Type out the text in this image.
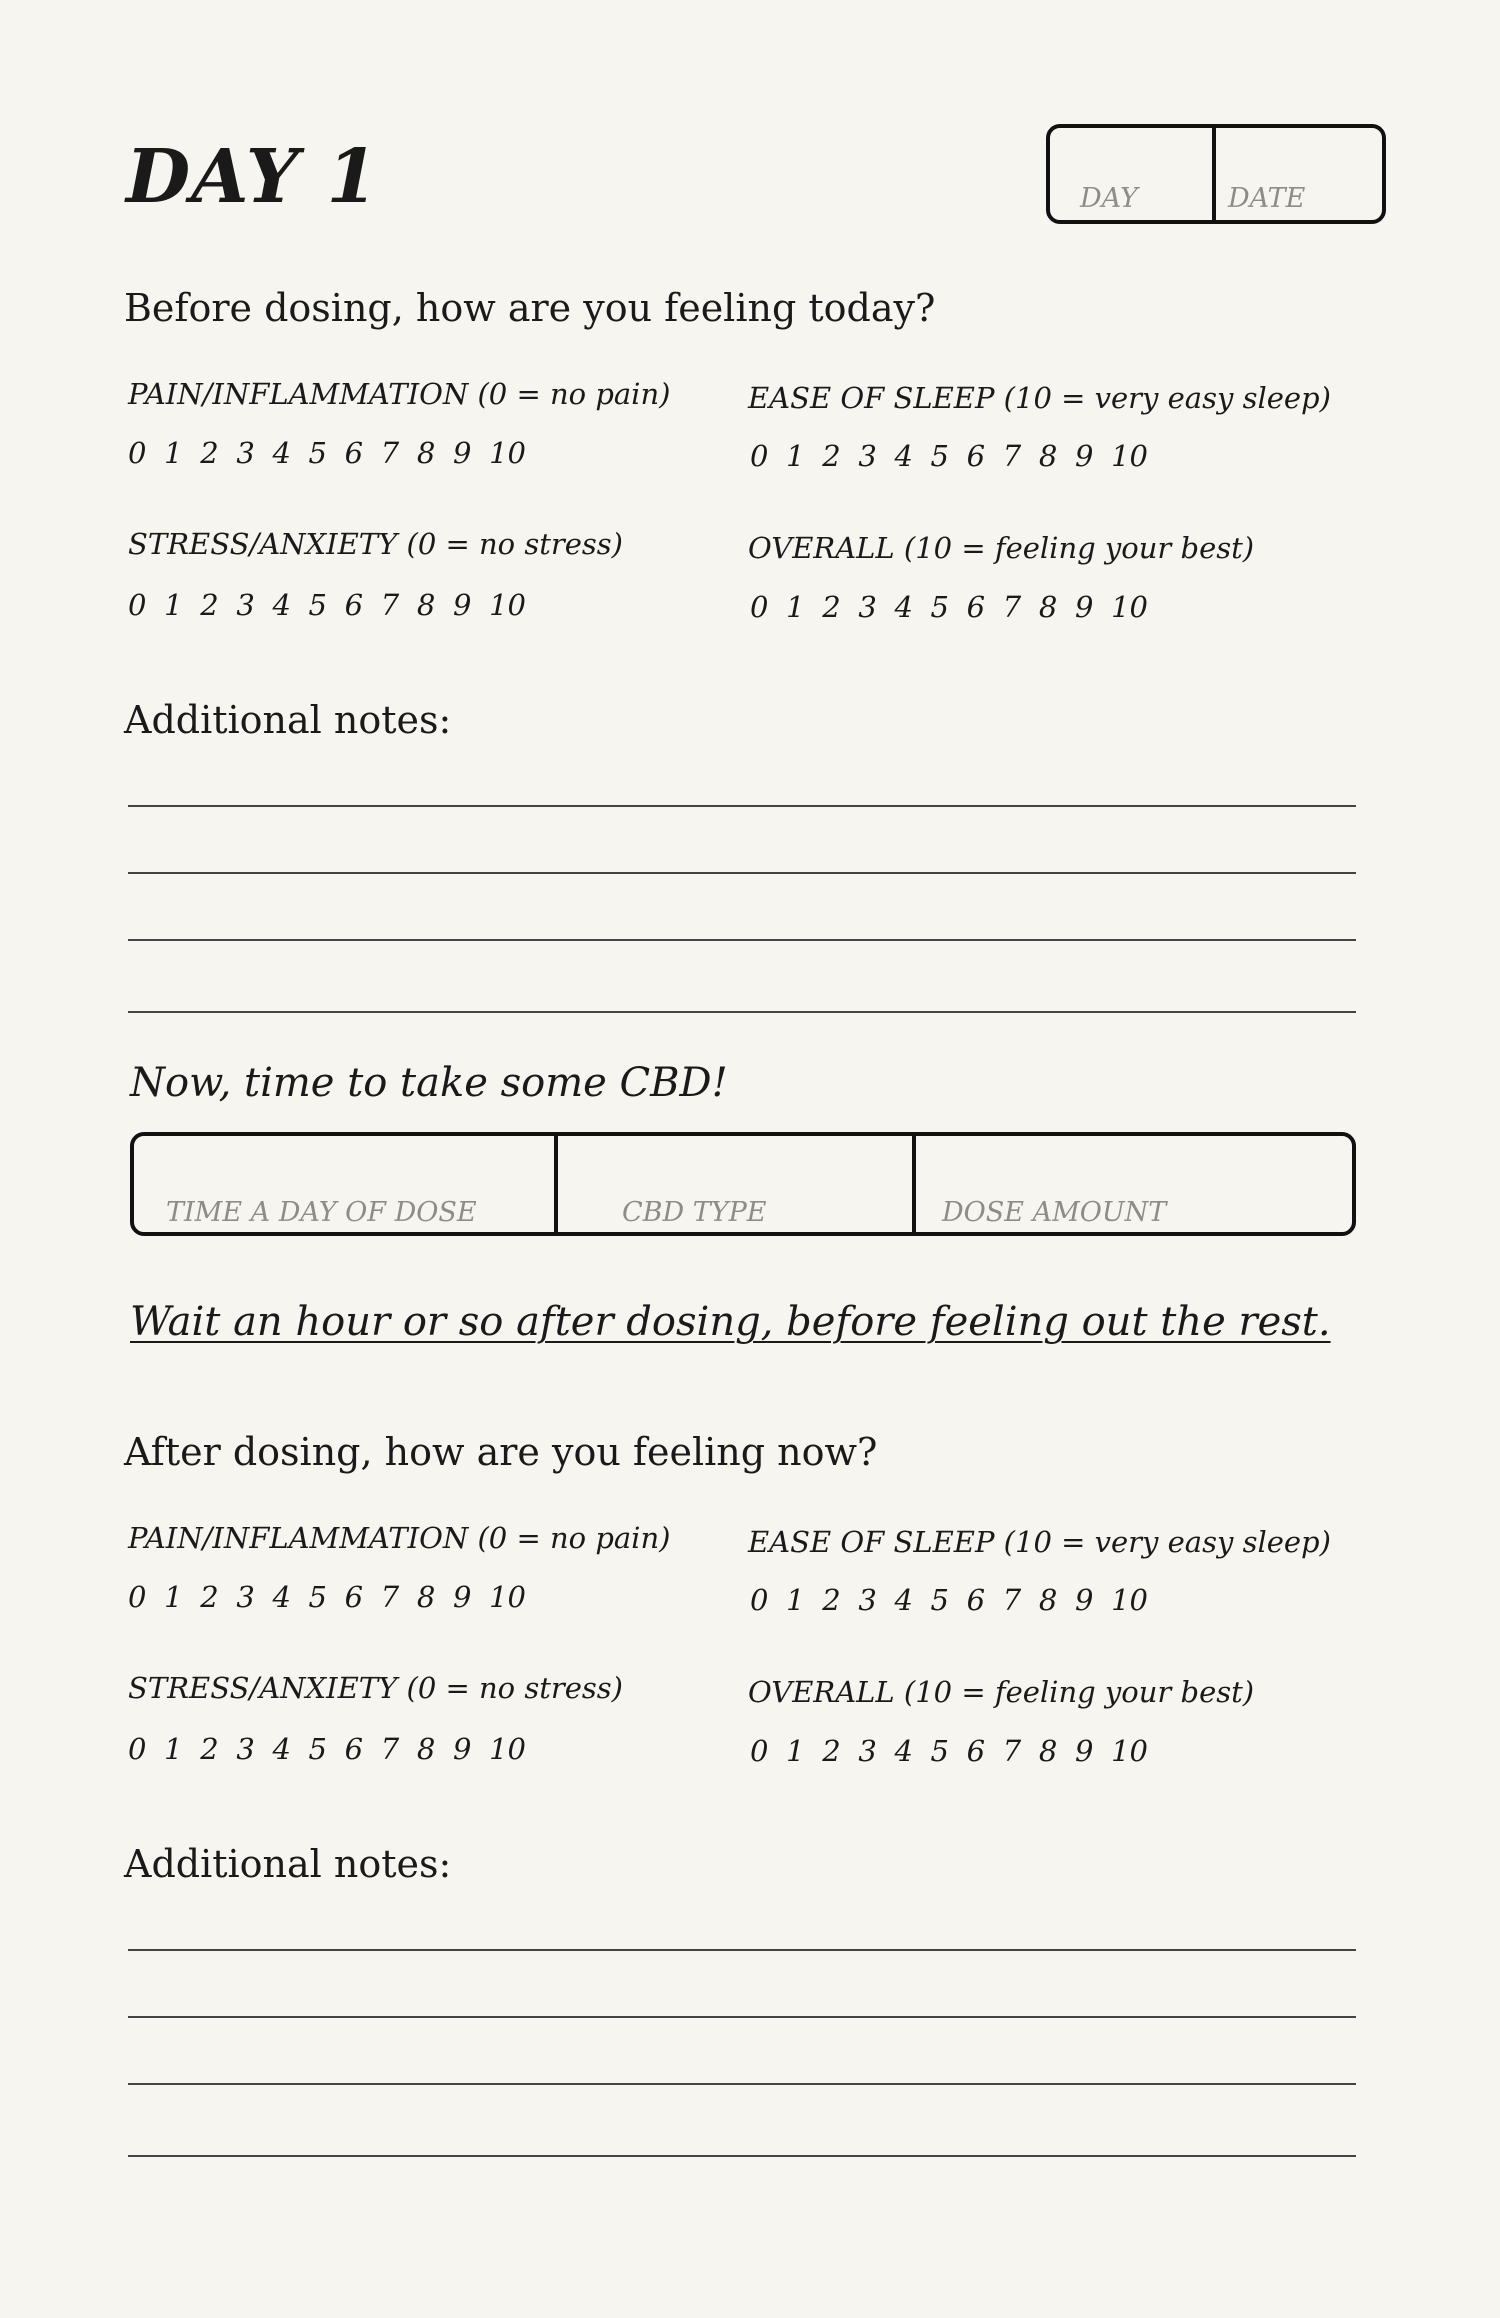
DAY 1	DAY	DATE
Before dosing, how are you feeling today?
PAIN/INFLAMMATION (0 = no pain)
0 1 2 3 4 5 6 7 8 9 10
EASE OF SLEEP (10 = very easy sleep)
0 1 2 3 4 5 6 7 8 9 10
STRESS/ANXIETY (0 = no stress)
0 1 2 3 4 5 6 7 8 9 10
OVERALL (10 = feeling your best)
0 1 2 3 4 5 6 7 8 9 10
Additional notes:
Now, time to take some CBD!
TIME A DAY OF DOSE	CBD TYPE	DOSE AMOUNT
Wait an hour or so after dosing, before feeling out the rest.
After dosing, how are you feeling now?
PAIN/INFLAMMATION (0 = no pain)
0 1 2 3 4 5 6 7 8 9 10
EASE OF SLEEP (10 = very easy sleep)
0 1 2 3 4 5 6 7 8 9 10
STRESS/ANXIETY (0 = no stress)
0 1 2 3 4 5 6 7 8 9 10
OVERALL (10 = feeling your best)
0 1 2 3 4 5 6 7 8 9 10
Additional notes:
